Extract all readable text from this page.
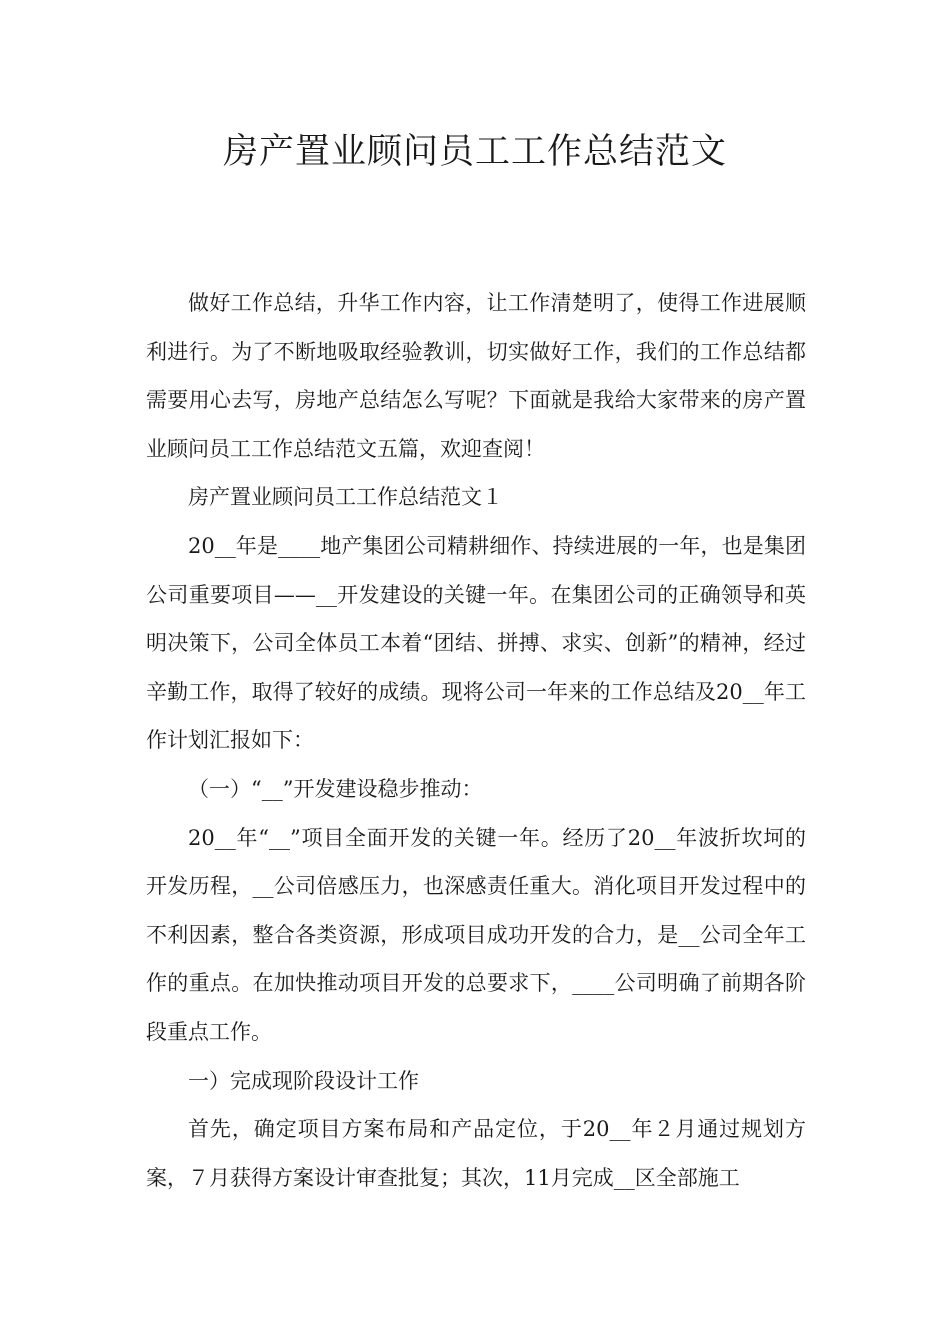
房产置业顾问员工工作总结范文

做好工作总结，升华工作内容，让工作清楚明了，使得工作进展顺利进行。为了不断地吸取经验教训，切实做好工作，我们的工作总结都需要用心去写，房地产总结怎么写呢？下面就是我给大家带来的房产置业顾问员工工作总结范文五篇，欢迎查阅！

房产置业顾问员工工作总结范文１

20__年是____地产集团公司精耕细作、持续进展的一年，也是集团公司重要项目——__开发建设的关键一年。在集团公司的正确领导和英明决策下，公司全体员工本着“团结、拼搏、求实、创新”的精神，经过辛勤工作，取得了较好的成绩。现将公司一年来的工作总结及20__年工作计划汇报如下：

（一）“__”开发建设稳步推动：

20__年“__”项目全面开发的关键一年。经历了20__年波折坎坷的开发历程，__公司倍感压力，也深感责任重大。消化项目开发过程中的不利因素，整合各类资源，形成项目成功开发的合力，是__公司全年工作的重点。在加快推动项目开发的总要求下，____公司明确了前期各阶段重点工作。

一）完成现阶段设计工作

首先，确定项目方案布局和产品定位，于20__年２月通过规划方案，７月获得方案设计审查批复；其次，11月完成__区全部施工
